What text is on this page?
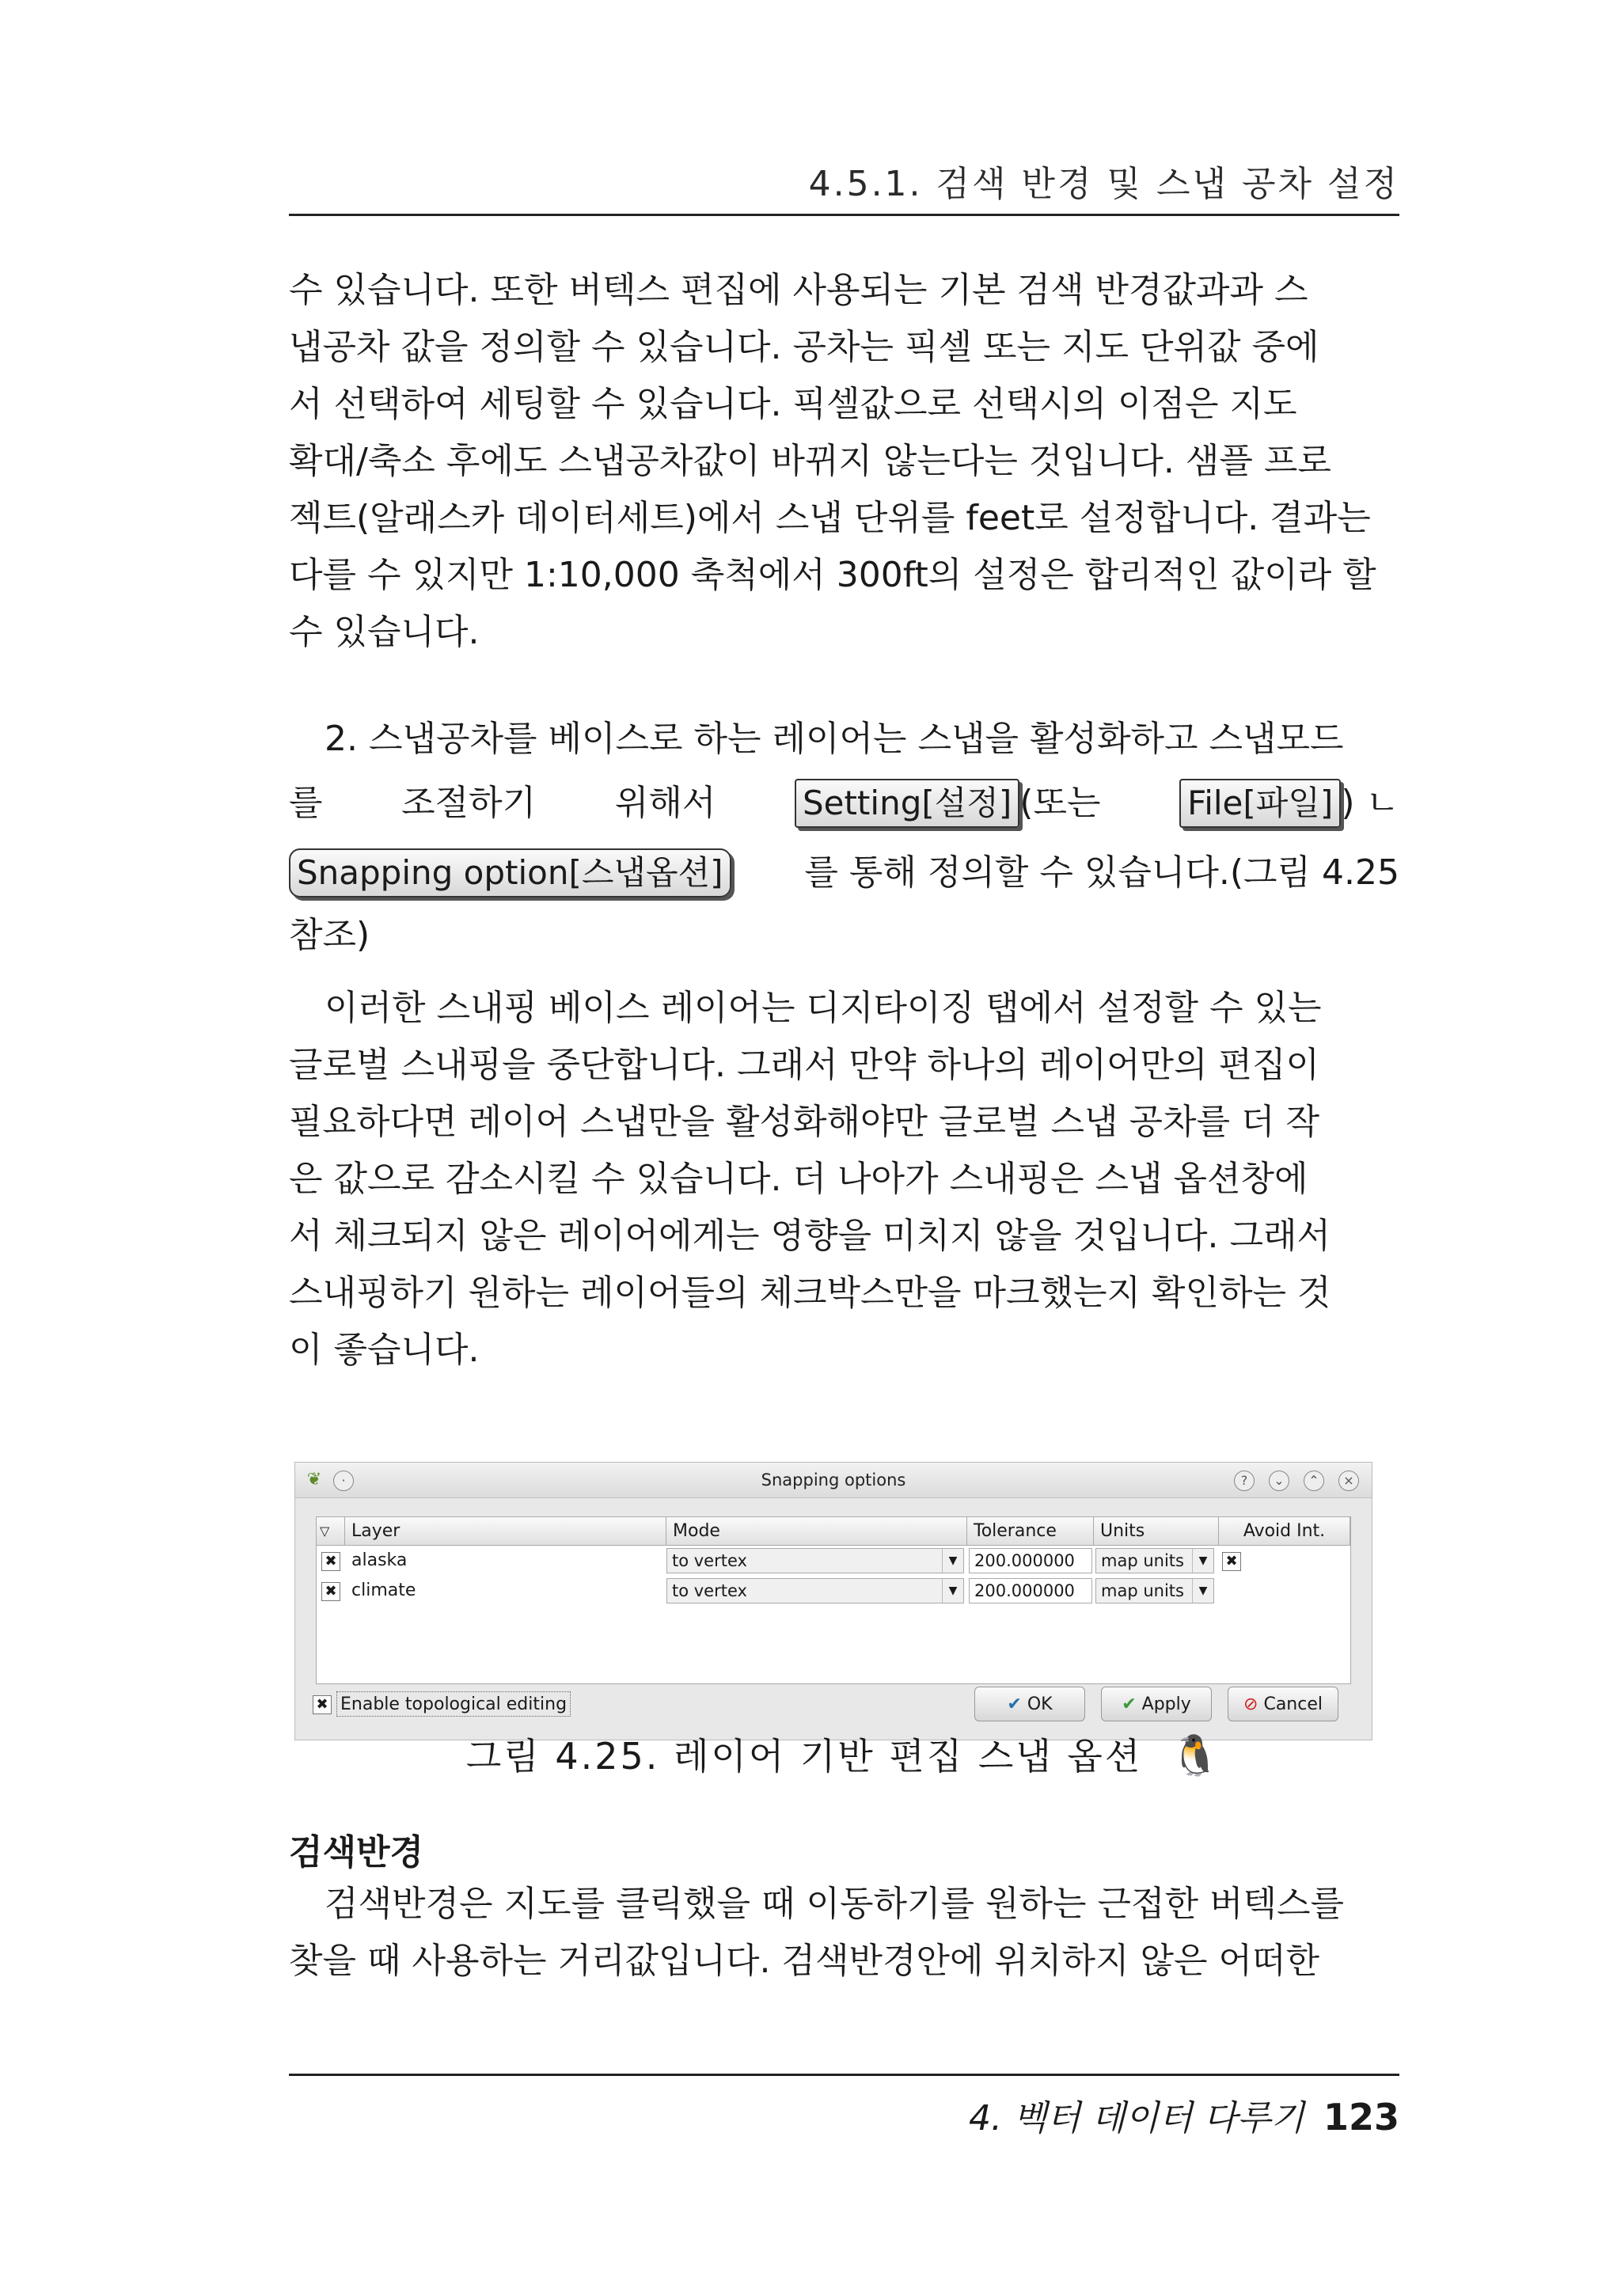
4.5.1. 검색 반경 및 스냅 공차 설정
수 있습니다. 또한 버텍스 편집에 사용되는 기본 검색 반경값과과 스
냅공차 값을 정의할 수 있습니다. 공차는 픽셀 또는 지도 단위값 중에
서 선택하여 세팅할 수 있습니다. 픽셀값으로 선택시의 이점은 지도
확대/축소 후에도 스냅공차값이 바뀌지 않는다는 것입니다. 샘플 프로
젝트(알래스카 데이터세트)에서 스냅 단위를 feet로 설정합니다. 결과는
다를 수 있지만 1:10,000 축척에서 300ft의 설정은 합리적인 값이라 할
수 있습니다.
2. 스냅공차를 베이스로 하는 레이어는 스냅을 활성화하고 스냅모드
를 조절하기 위해서	Setting[설정] (또는	File[파일] ) ㄴ
Snapping option[스냅옵션] 를 통해 정의할 수 있습니다.(그림 4.25
참조)
이러한 스내핑 베이스 레이어는 디지타이징 탭에서 설정할 수 있는
글로벌 스내핑을 중단합니다. 그래서 만약 하나의 레이어만의 편집이
필요하다면 레이어 스냅만을 활성화해야만 글로벌 스냅 공차를 더 작
은 값으로 감소시킬 수 있습니다. 더 나아가 스내핑은 스냅 옵션창에
서 체크되지 않은 레이어에게는 영향을 미치지 않을 것입니다. 그래서
스내핑하기 원하는 레이어들의 체크박스만을 마크했는지 확인하는 것
이 좋습니다.
Snapping options
❦	·	?	⌄	⌃	×
▽	Layer	Mode	Tolerance	Units	Avoid Int.
✖ alaska	to vertex	▼	200.000000	map units	▼	✖
✖ climate	to vertex	▼	200.000000	map units	▼
✖ Enable topological editing	✔ OK	✔ Apply	⊘ Cancel
그림 4.25. 레이어 기반 편집 스냅 옵션 🐧
검색반경
검색반경은 지도를 클릭했을 때 이동하기를 원하는 근접한 버텍스를
찾을 때 사용하는 거리값입니다. 검색반경안에 위치하지 않은 어떠한
4. 벡터 데이터 다루기 123
